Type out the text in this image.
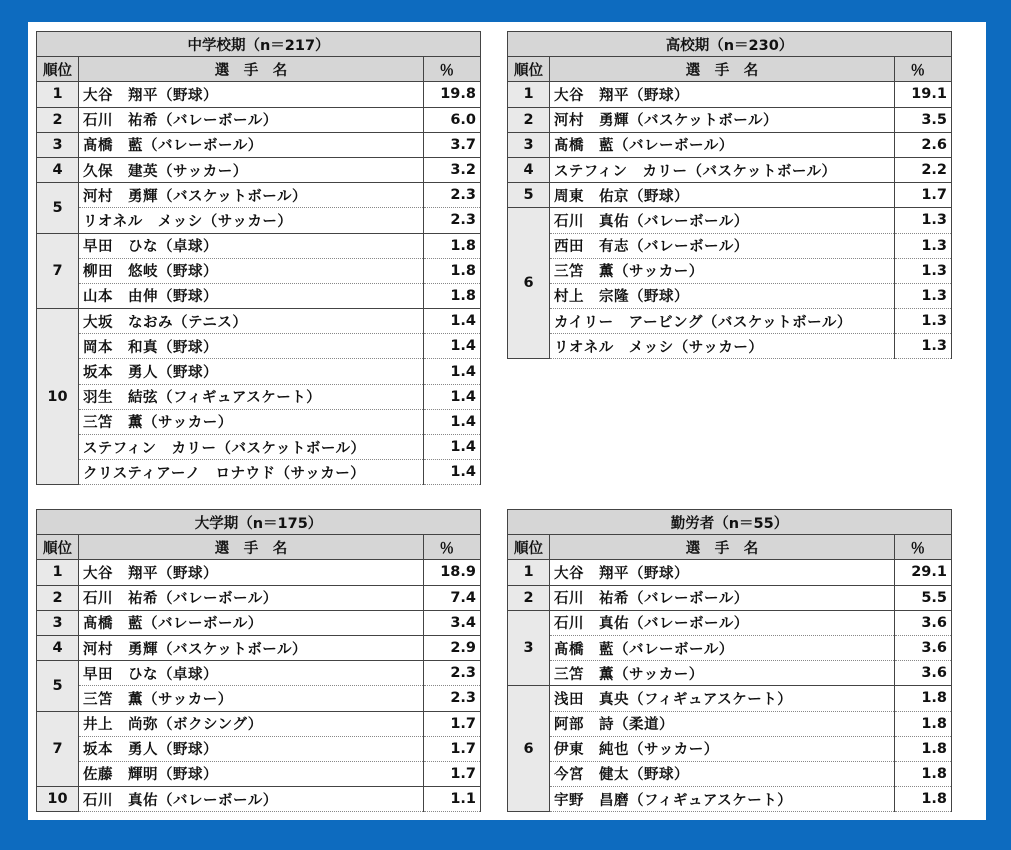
中学校期（n＝217）		
順位	選　手　名	％
1	大谷　翔平（野球）	19.8
2	石川　祐希（バレーボール）	6.0
3	髙橋　藍（バレーボール）	3.7
4	久保　建英（サッカー）	3.2
5	河村　勇輝（バスケットボール）	2.3
	リオネル　メッシ（サッカー）	2.3
7	早田　ひな（卓球）	1.8
	柳田　悠岐（野球）	1.8
	山本　由伸（野球）	1.8
10	大坂　なおみ（テニス）	1.4
	岡本　和真（野球）	1.4
	坂本　勇人（野球）	1.4
	羽生　結弦（フィギュアスケート）	1.4
	三笘　薫（サッカー）	1.4
	ステフィン　カリー（バスケットボール）	1.4
	クリスティアーノ　ロナウド（サッカー）	1.4
高校期（n＝230）		
順位	選　手　名	％
1	大谷　翔平（野球）	19.1
2	河村　勇輝（バスケットボール）	3.5
3	髙橋　藍（バレーボール）	2.6
4	ステフィン　カリー（バスケットボール）	2.2
5	周東　佑京（野球）	1.7
6	石川　真佑（バレーボール）	1.3
	西田　有志（バレーボール）	1.3
	三笘　薫（サッカー）	1.3
	村上　宗隆（野球）	1.3
	カイリー　アービング（バスケットボール）	1.3
	リオネル　メッシ（サッカー）	1.3
大学期（n＝175）		
順位	選　手　名	％
1	大谷　翔平（野球）	18.9
2	石川　祐希（バレーボール）	7.4
3	髙橋　藍（バレーボール）	3.4
4	河村　勇輝（バスケットボール）	2.9
5	早田　ひな（卓球）	2.3
	三笘　薫（サッカー）	2.3
7	井上　尚弥（ボクシング）	1.7
	坂本　勇人（野球）	1.7
	佐藤　輝明（野球）	1.7
10	石川　真佑（バレーボール）	1.1
勤労者（n＝55）		
順位	選　手　名	％
1	大谷　翔平（野球）	29.1
2	石川　祐希（バレーボール）	5.5
3	石川　真佑（バレーボール）	3.6
	髙橋　藍（バレーボール）	3.6
	三笘　薫（サッカー）	3.6
6	浅田　真央（フィギュアスケート）	1.8
	阿部　詩（柔道）	1.8
	伊東　純也（サッカー）	1.8
	今宮　健太（野球）	1.8
	宇野　昌磨（フィギュアスケート）	1.8
